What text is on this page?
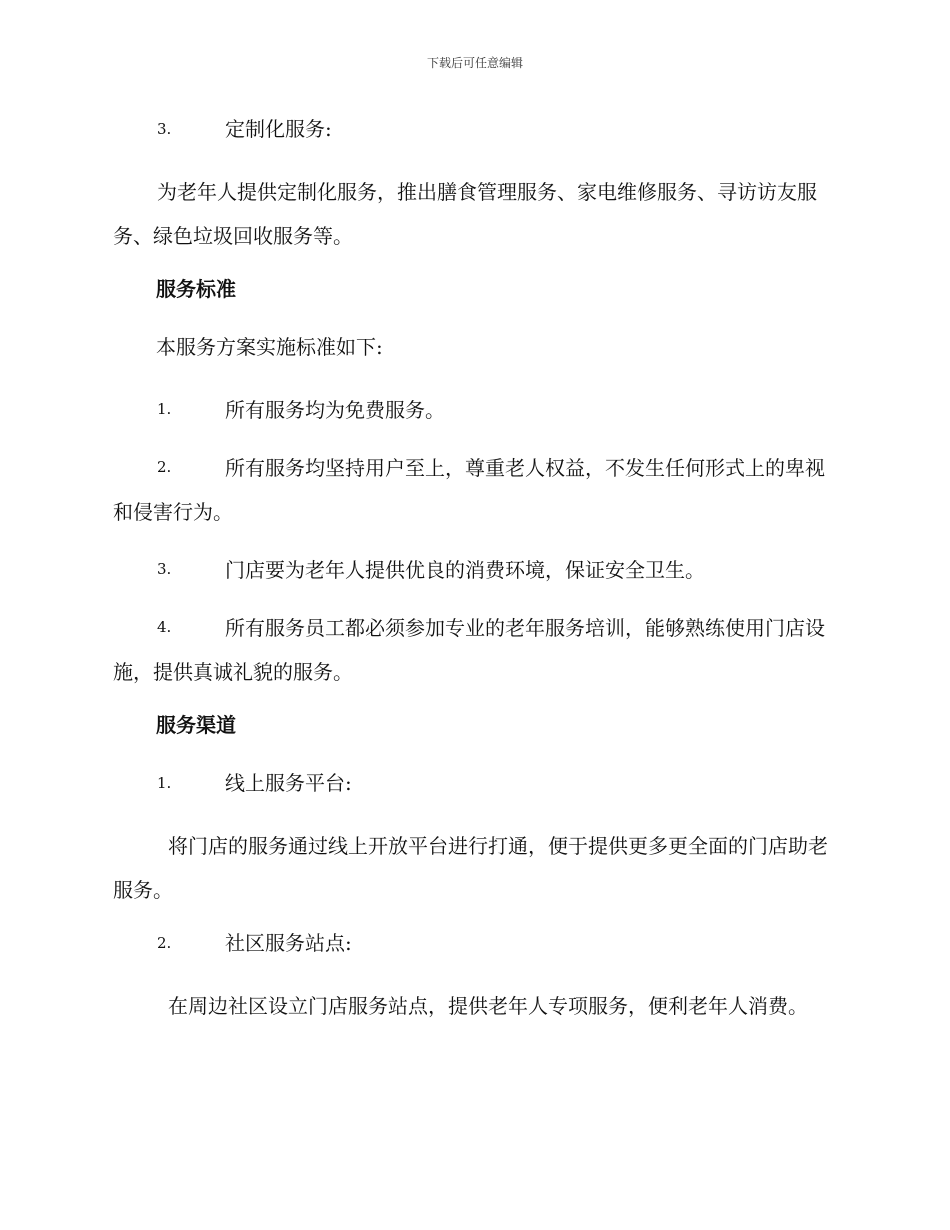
下载后可任意编辑
3.	定制化服务:
为老年人提供定制化服务，推出膳食管理服务、家电维修服务、寻访访友服务、绿色垃圾回收服务等。
服务标准
本服务方案实施标准如下:
1.	所有服务均为免费服务。
2.	所有服务均坚持用户至上，尊重老人权益，不发生任何形式上的卑视和侵害行为。
3.	门店要为老年人提供优良的消费环境，保证安全卫生。
4.	所有服务员工都必须参加专业的老年服务培训，能够熟练使用门店设施，提供真诚礼貌的服务。
服务渠道
1.	线上服务平台:
将门店的服务通过线上开放平台进行打通，便于提供更多更全面的门店助老服务。
2.	社区服务站点:
在周边社区设立门店服务站点，提供老年人专项服务，便利老年人消费。
